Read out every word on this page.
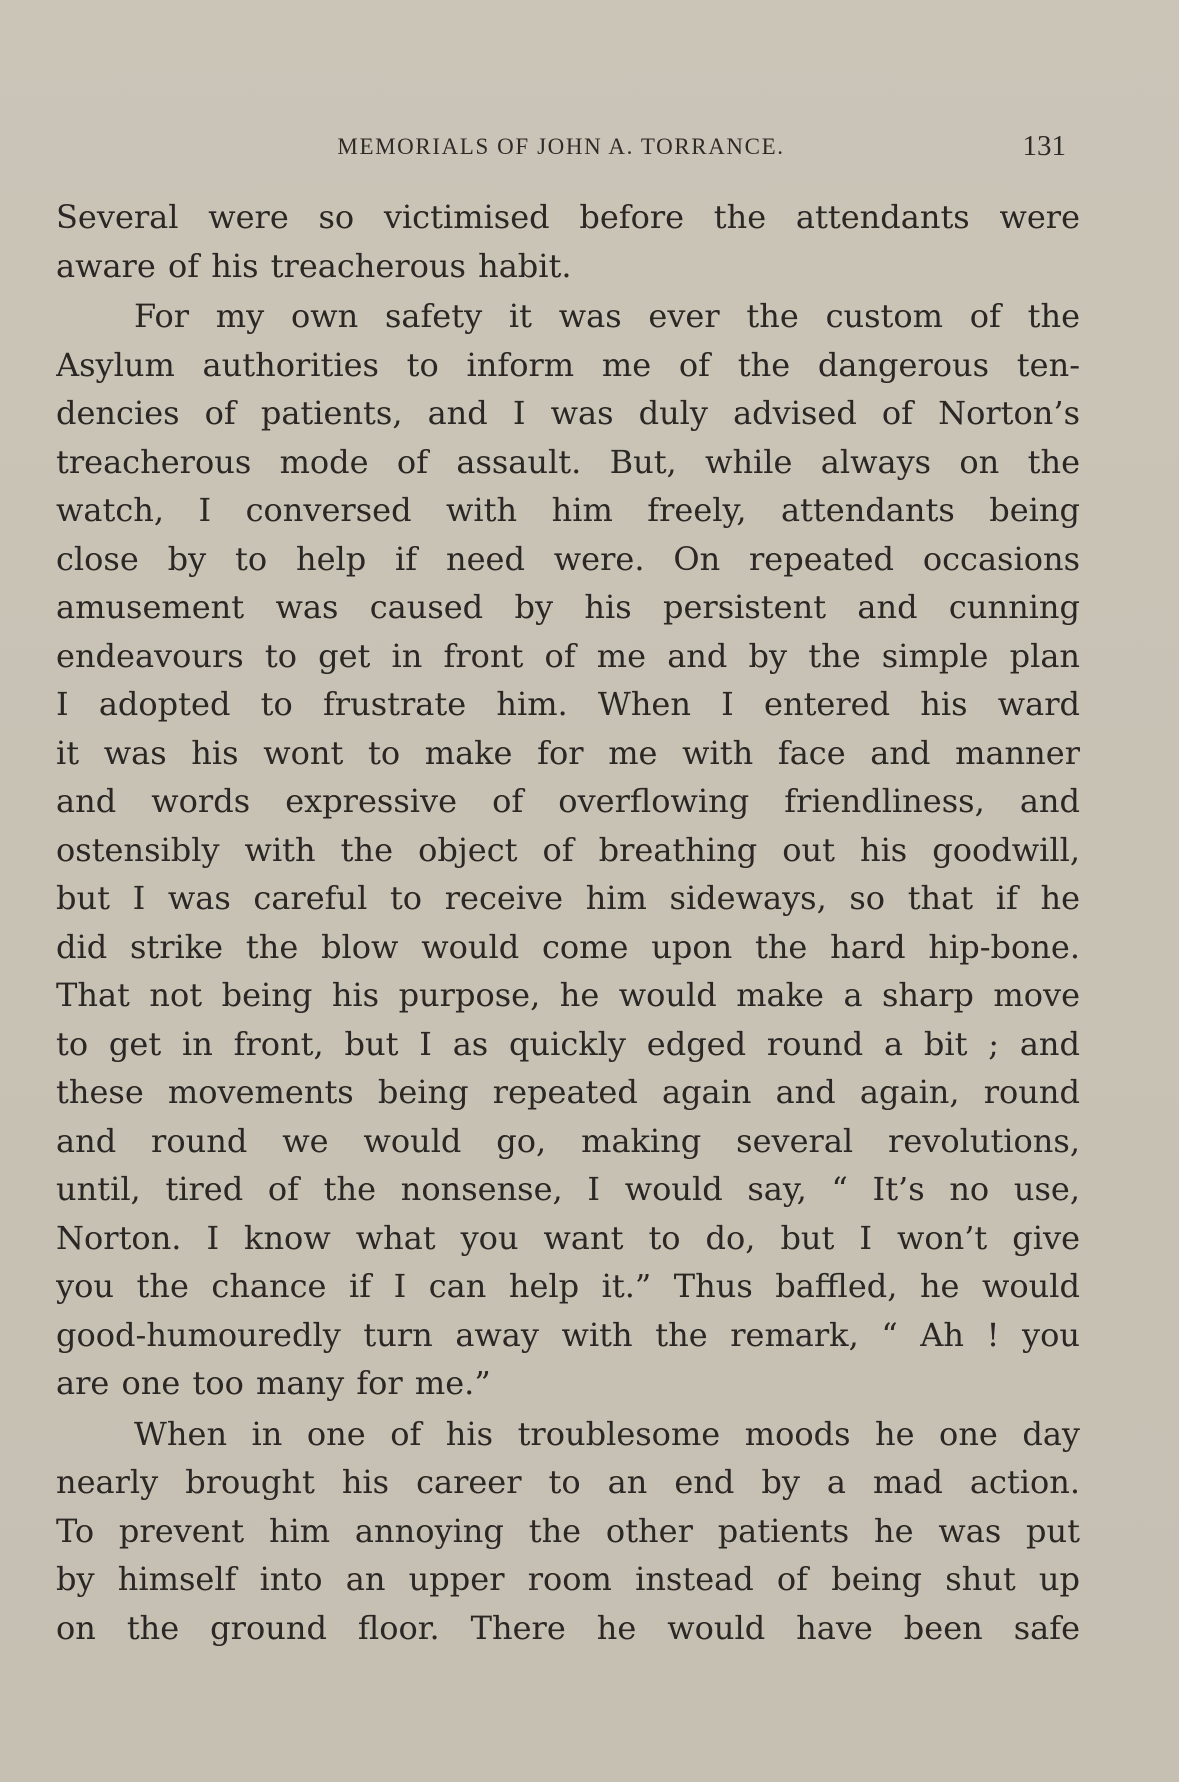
MEMORIALS OF JOHN A. TORRANCE.	131
Several were so victimised before the attendants were
aware of his treacherous habit.
For my own safety it was ever the custom of the
Asylum authorities to inform me of the dangerous ten-
dencies of patients, and I was duly advised of Norton’s
treacherous mode of assault. But, while always on the
watch, I conversed with him freely, attendants being
close by to help if need were. On repeated occasions
amusement was caused by his persistent and cunning
endeavours to get in front of me and by the simple plan
I adopted to frustrate him. When I entered his ward
it was his wont to make for me with face and manner
and words expressive of overflowing friendliness, and
ostensibly with the object of breathing out his goodwill,
but I was careful to receive him sideways, so that if he
did strike the blow would come upon the hard hip-bone.
That not being his purpose, he would make a sharp move
to get in front, but I as quickly edged round a bit ; and
these movements being repeated again and again, round
and round we would go, making several revolutions,
until, tired of the nonsense, I would say, “ It’s no use,
Norton. I know what you want to do, but I won’t give
you the chance if I can help it.” Thus baffled, he would
good-humouredly turn away with the remark, “ Ah ! you
are one too many for me.”
When in one of his troublesome moods he one day
nearly brought his career to an end by a mad action.
To prevent him annoying the other patients he was put
by himself into an upper room instead of being shut up
on the ground floor. There he would have been safe
